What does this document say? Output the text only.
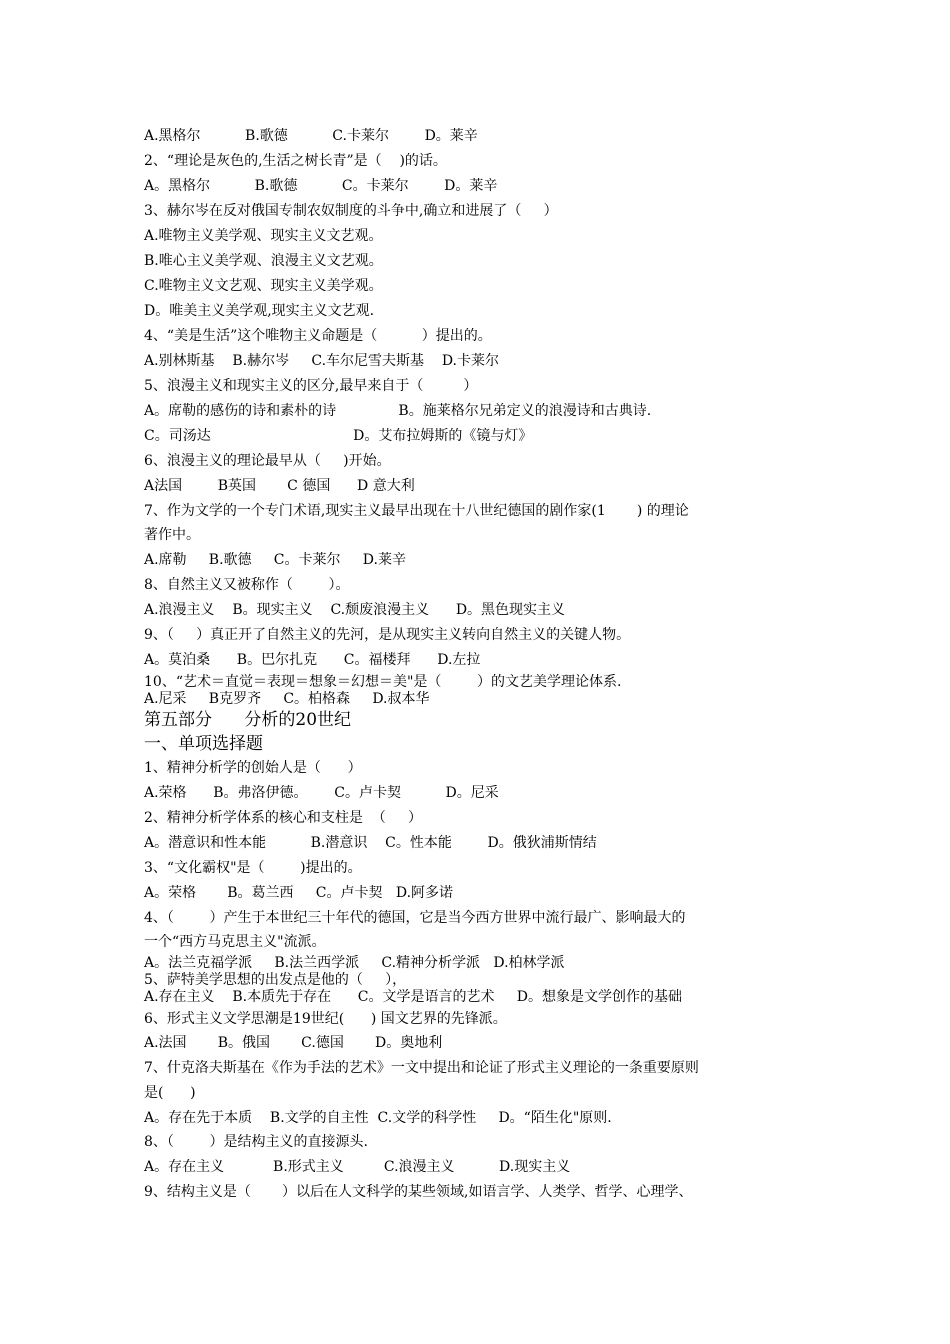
A.黑格尔          B.歌德          C.卡莱尔        D。莱辛
2、“理论是灰色的,生活之树长青”是（    )的话。
A。黑格尔          B.歌德          C。卡莱尔        D。莱辛
3、赫尔岑在反对俄国专制农奴制度的斗争中,确立和进展了（     ）
A.唯物主义美学观、现实主义文艺观。
B.唯心主义美学观、浪漫主义文艺观。
C.唯物主义文艺观、现实主义美学观。
D。唯美主义美学观,现实主义文艺观.
4、“美是生活”这个唯物主义命题是（          ）提出的。
A.别林斯基    B.赫尔岑     C.车尔尼雪夫斯基    D.卡莱尔
5、浪漫主义和现实主义的区分,最早来自于（         ）
A。席勒的感伤的诗和素朴的诗              B。施莱格尔兄弟定义的浪漫诗和古典诗.
C。司汤达                                D。艾布拉姆斯的《镜与灯》
6、浪漫主义的理论最早从（     )开始。
A法国        B英国       C 德国      D 意大利
7、作为文学的一个专门术语,现实主义最早出现在十八世纪德国的剧作家(1       ) 的理论
著作中。
A.席勒     B.歌德     C。卡莱尔     D.莱辛
8、自然主义又被称作（        ）。
A.浪漫主义    B。现实主义    C.颓废浪漫主义      D。黑色现实主义
9、（     ）真正开了自然主义的先河，是从现实主义转向自然主义的关键人物。
A。莫泊桑      B。巴尔扎克      C。福楼拜      D.左拉
10、“艺术＝直觉＝表现＝想象＝幻想＝美"是（        ）的文艺美学理论体系.
A.尼采     B克罗齐     C。柏格森     D.叔本华
第五部分      分析的20世纪
一、单项选择题
1、精神分析学的创始人是（      ）
A.荣格      B。弗洛伊德。      C。卢卡契          D。尼采
2、精神分析学体系的核心和支柱是  （     ）
A。潜意识和性本能          B.潜意识    C。性本能        D。俄狄浦斯情结
3、“文化霸权"是（        )提出的。
A。荣格       B。葛兰西     C。卢卡契   D.阿多诺
4、（        ）产生于本世纪三十年代的德国，它是当今西方世界中流行最广、影响最大的
一个“西方马克思主义"流派。
A。法兰克福学派     B.法兰西学派     C.精神分析学派   D.柏林学派
5、萨特美学思想的出发点是他的（     ），
A.存在主义    B.本质先于存在      C。文学是语言的艺术     D。想象是文学创作的基础
6、形式主义文学思潮是19世纪(      ) 国文艺界的先锋派。
A.法国       B。俄国       C.德国       D。奥地利
7、什克洛夫斯基在《作为手法的艺术》一文中提出和论证了形式主义理论的一条重要原则
是(      )
A。存在先于本质    B.文学的自主性  C.文学的科学性     D。“陌生化"原则.
8、（        ）是结构主义的直接源头.
A。存在主义           B.形式主义         C.浪漫主义          D.现实主义
9、结构主义是（       ）以后在人文科学的某些领域,如语言学、人类学、哲学、心理学、
